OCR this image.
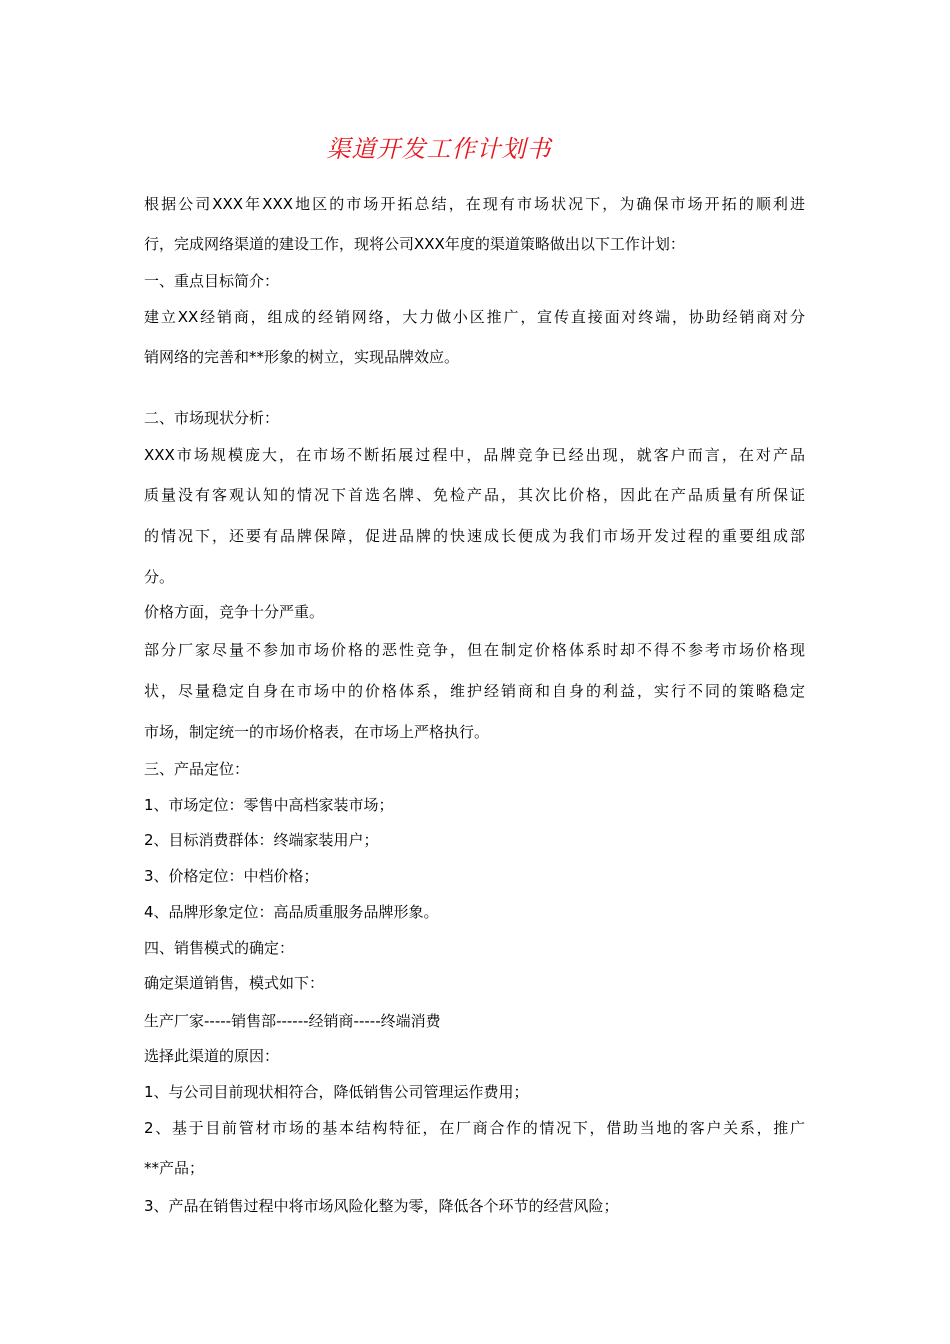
渠道开发工作计划书
根据公司XXX年XXX地区的市场开拓总结，在现有市场状况下，为确保市场开拓的顺利进
行，完成网络渠道的建设工作，现将公司XXX年度的渠道策略做出以下工作计划：
一、重点目标简介：
建立XX经销商，组成的经销网络，大力做小区推广，宣传直接面对终端，协助经销商对分
销网络的完善和**形象的树立，实现品牌效应。
二、市场现状分析：
XXX市场规模庞大，在市场不断拓展过程中，品牌竞争已经出现，就客户而言，在对产品
质量没有客观认知的情况下首选名牌、免检产品，其次比价格，因此在产品质量有所保证
的情况下，还要有品牌保障，促进品牌的快速成长便成为我们市场开发过程的重要组成部
分。
价格方面，竞争十分严重。
部分厂家尽量不参加市场价格的恶性竞争，但在制定价格体系时却不得不参考市场价格现
状，尽量稳定自身在市场中的价格体系，维护经销商和自身的利益，实行不同的策略稳定
市场，制定统一的市场价格表，在市场上严格执行。
三、产品定位：
1、市场定位：零售中高档家装市场；
2、目标消费群体：终端家装用户；
3、价格定位：中档价格；
4、品牌形象定位：高品质重服务品牌形象。
四、销售模式的确定：
确定渠道销售，模式如下：
生产厂家-----销售部------经销商-----终端消费
选择此渠道的原因：
1、与公司目前现状相符合，降低销售公司管理运作费用；
2、基于目前管材市场的基本结构特征，在厂商合作的情况下，借助当地的客户关系，推广
**产品；
3、产品在销售过程中将市场风险化整为零，降低各个环节的经营风险；
